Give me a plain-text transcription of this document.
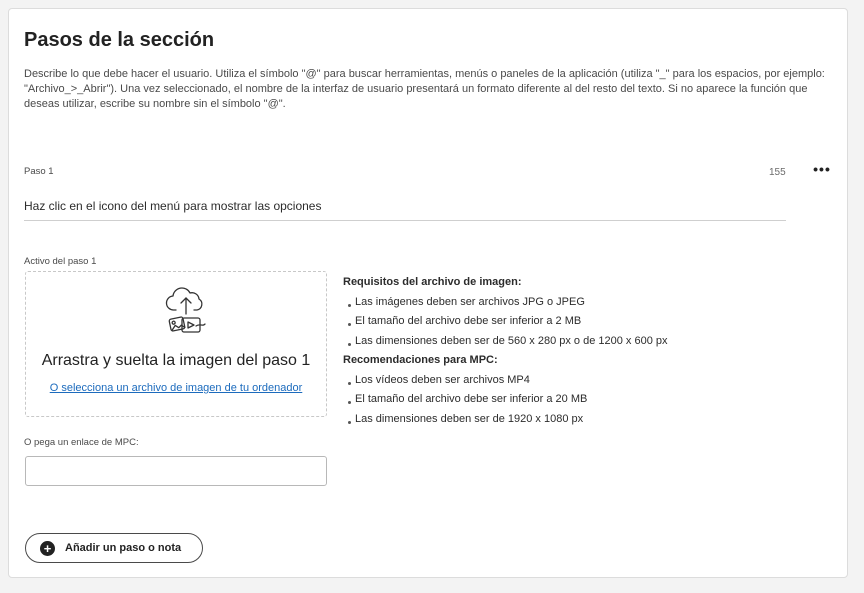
Pasos de la sección
Describe lo que debe hacer el usuario. Utiliza el símbolo "@" para buscar herramientas, menús o paneles de la aplicación (utiliza "_" para los espacios, por ejemplo: "Archivo_>_Abrir"). Una vez seleccionado, el nombre de la interfaz de usuario presentará un formato diferente al del resto del texto. Si no aparece la función que deseas utilizar, escribe su nombre sin el símbolo "@".
Paso 1	155 •••
Haz clic en el icono del menú para mostrar las opciones
Activo del paso 1
Arrastra y suelta la imagen del paso 1
O selecciona un archivo de imagen de tu ordenador
Requisitos del archivo de imagen:
Las imágenes deben ser archivos JPG o JPEG
El tamaño del archivo debe ser inferior a 2 MB
Las dimensiones deben ser de 560 x 280 px o de 1200 x 600 px
Recomendaciones para MPC:
Los vídeos deben ser archivos MP4
El tamaño del archivo debe ser inferior a 20 MB
Las dimensiones deben ser de 1920 x 1080 px
O pega un enlace de MPC:
+	Añadir un paso o nota
